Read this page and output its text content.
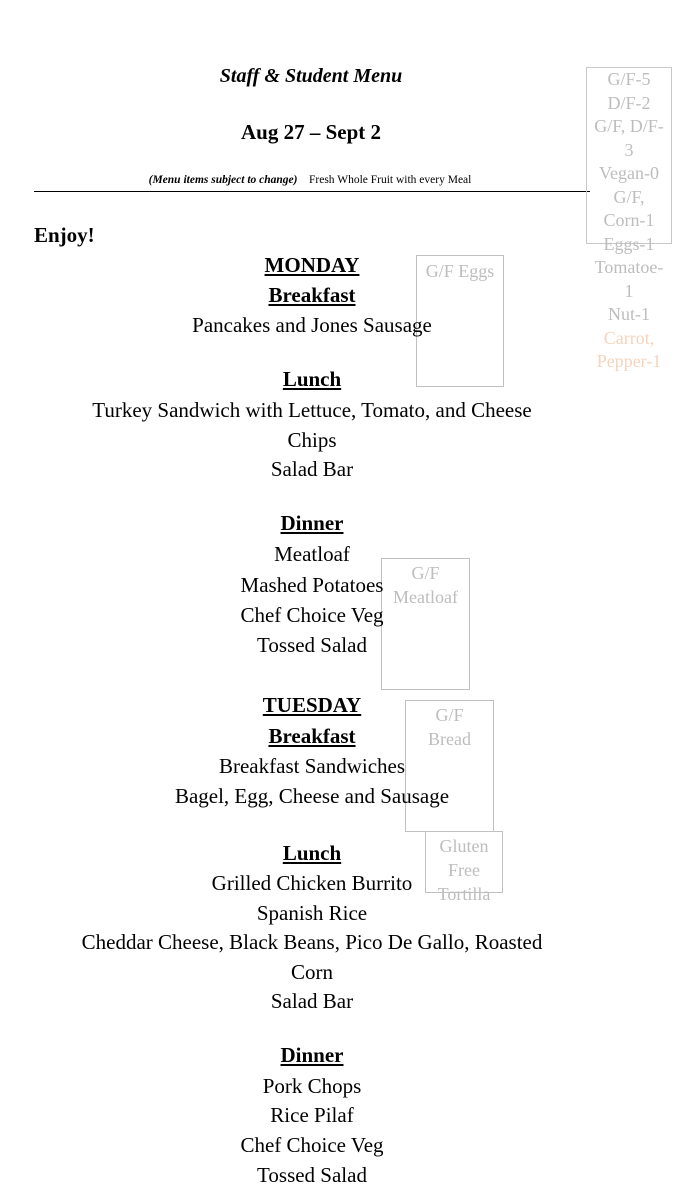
Staff & Student Menu
Aug 27 – Sept 2
(Menu items subject to change) Fresh Whole Fruit with every Meal
G/F-5
D/F-2
G/F, D/F-
3
Vegan-0
G/F,
Corn-1
Eggs-1
Tomatoe-
1
Nut-1
Carrot,
Pepper-1
Enjoy!
G/F Eggs
G/F
Meatloaf
G/F
Bread
Gluten
Free
Tortilla
MONDAY
Breakfast
Pancakes and Jones Sausage
Lunch
Turkey Sandwich with Lettuce, Tomato, and Cheese
Chips
Salad Bar
Dinner
Meatloaf
Mashed Potatoes
Chef Choice Veg
Tossed Salad
TUESDAY
Breakfast
Breakfast Sandwiches
Bagel, Egg, Cheese and Sausage
Lunch
Grilled Chicken Burrito
Spanish Rice
Cheddar Cheese, Black Beans, Pico De Gallo, Roasted
Corn
Salad Bar
Dinner
Pork Chops
Rice Pilaf
Chef Choice Veg
Tossed Salad
